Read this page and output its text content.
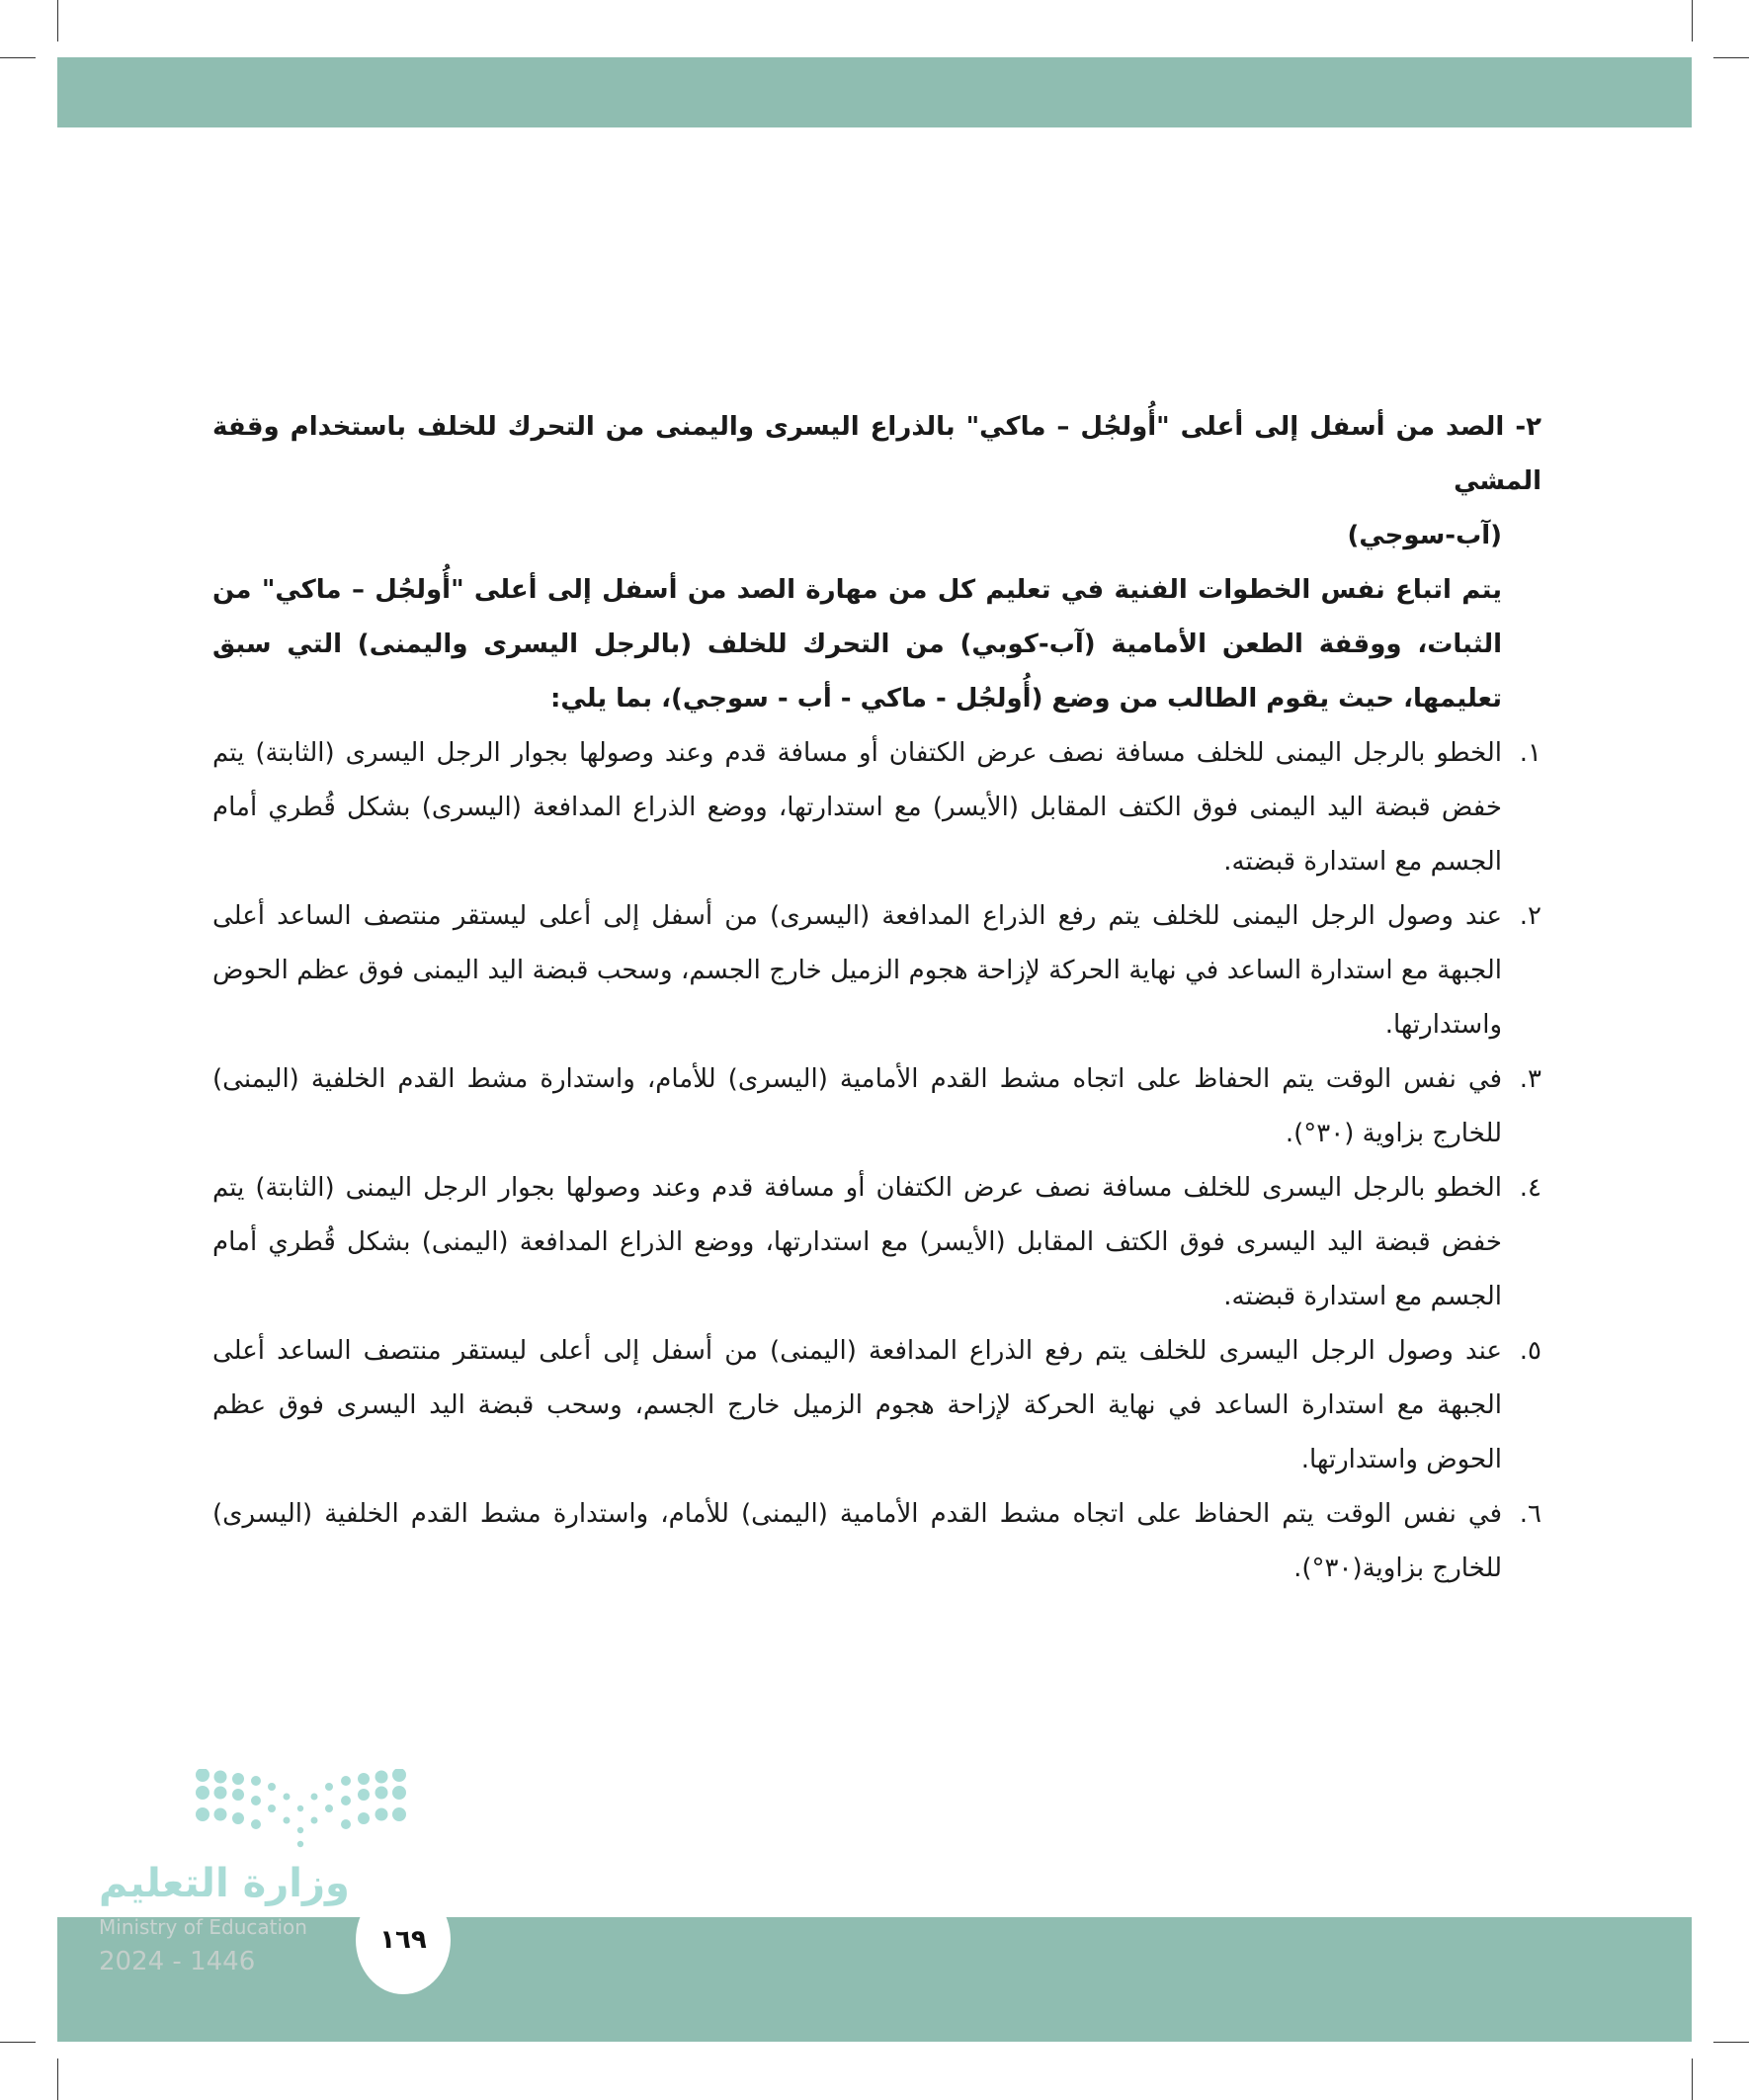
٢- الصد من أسفل إلى أعلى "أُولجُل – ماكي" بالذراع اليسرى واليمنى من التحرك للخلف باستخدام وقفة المشي
(آب-سوجي)

يتم اتباع نفس الخطوات الفنية في تعليم كل من مهارة الصد من أسفل إلى أعلى "أُولجُل – ماكي" من الثبات، ووقفة الطعن الأمامية (آب-كوبي) من التحرك للخلف (بالرجل اليسرى واليمنى) التي سبق تعليمها، حيث يقوم الطالب من وضع (أُولجُل - ماكي - أب - سوجي)، بما يلي:

١.
الخطو بالرجل اليمنى للخلف مسافة نصف عرض الكتفان أو مسافة قدم وعند وصولها بجوار الرجل اليسرى (الثابتة) يتم خفض قبضة اليد اليمنى فوق الكتف المقابل (الأيسر) مع استدارتها، ووضع الذراع المدافعة (اليسرى) بشكل قُطري أمام الجسم مع استدارة قبضته.
٢.
عند وصول الرجل اليمنى للخلف يتم رفع الذراع المدافعة (اليسرى) من أسفل إلى أعلى ليستقر منتصف الساعد أعلى الجبهة مع استدارة الساعد في نهاية الحركة لإزاحة هجوم الزميل خارج الجسم، وسحب قبضة اليد اليمنى فوق عظم الحوض واستدارتها.
٣.
في نفس الوقت يتم الحفاظ على اتجاه مشط القدم الأمامية (اليسرى) للأمام، واستدارة مشط القدم الخلفية (اليمنى) للخارج بزاوية (٣٠°).
٤.
الخطو بالرجل اليسرى للخلف مسافة نصف عرض الكتفان أو مسافة قدم وعند وصولها بجوار الرجل اليمنى (الثابتة) يتم خفض قبضة اليد اليسرى فوق الكتف المقابل (الأيسر) مع استدارتها، ووضع الذراع المدافعة (اليمنى) بشكل قُطري أمام الجسم مع استدارة قبضته.
٥.
عند وصول الرجل اليسرى للخلف يتم رفع الذراع المدافعة (اليمنى) من أسفل إلى أعلى ليستقر منتصف الساعد أعلى الجبهة مع استدارة الساعد في نهاية الحركة لإزاحة هجوم الزميل خارج الجسم، وسحب قبضة اليد اليسرى فوق عظم الحوض واستدارتها.
٦.
في نفس الوقت يتم الحفاظ على اتجاه مشط القدم الأمامية (اليمنى) للأمام، واستدارة مشط القدم الخلفية (اليسرى) للخارج بزاوية(٣٠°).
وزارة التعليم
Ministry of Education
2024 - 1446
١٦٩
